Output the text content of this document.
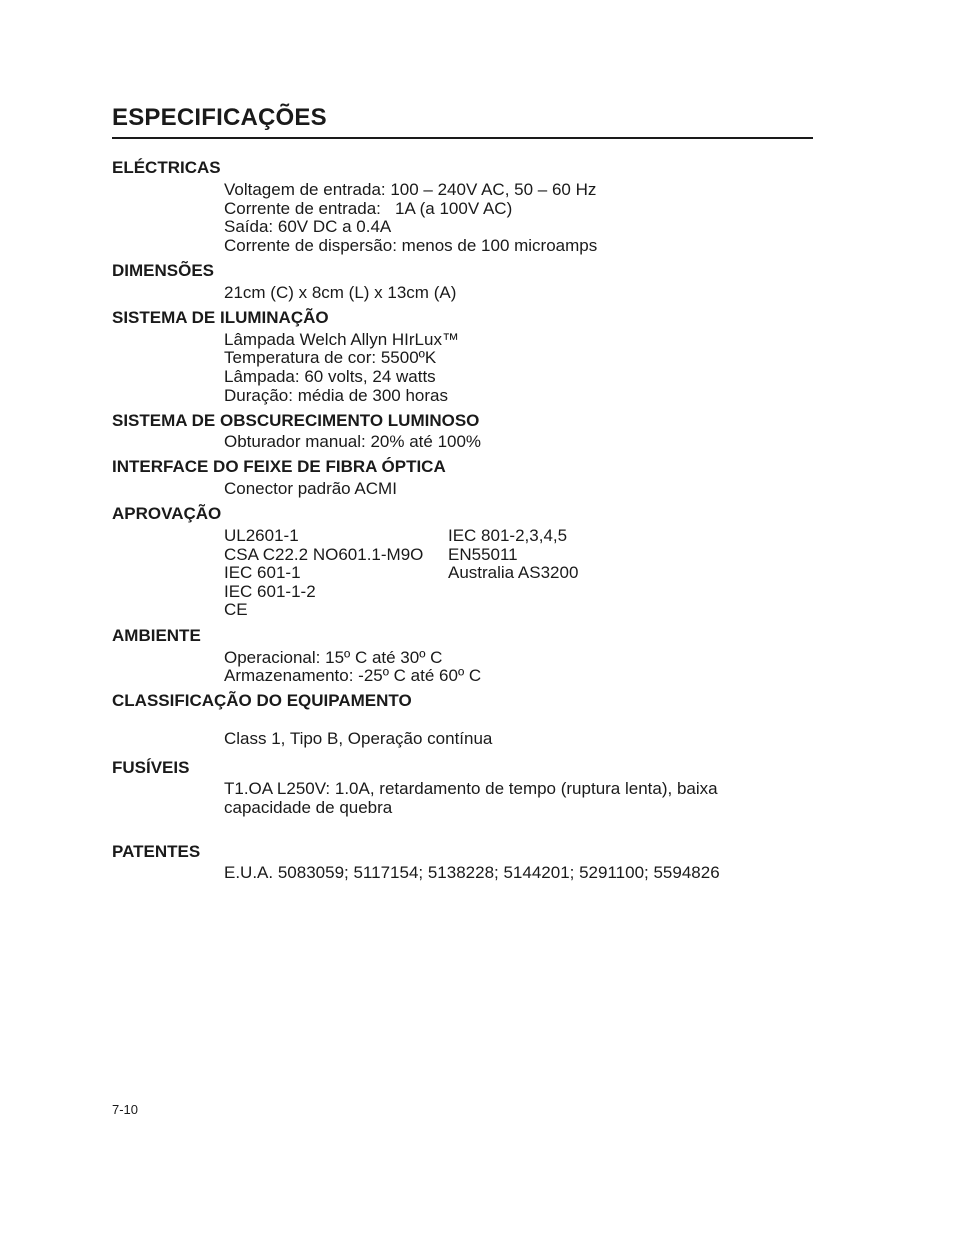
ESPECIFICAÇÕES
ELÉCTRICAS
Voltagem de entrada: 100 – 240V AC, 50 – 60 Hz
Corrente de entrada:   1A (a 100V AC)
Saída: 60V DC a 0.4A
Corrente de dispersão: menos de 100 microamps
DIMENSÕES
21cm (C) x 8cm (L) x 13cm (A)
SISTEMA DE ILUMINAÇÃO
Lâmpada Welch Allyn HIrLux™
Temperatura de cor: 5500ºK
Lâmpada: 60 volts, 24 watts
Duração: média de 300 horas
SISTEMA DE OBSCURECIMENTO LUMINOSO
Obturador manual: 20% até 100%
INTERFACE DO FEIXE DE FIBRA ÓPTICA
Conector padrão ACMI
APROVAÇÃO
UL2601-1
CSA C22.2 NO601.1-M9O
IEC 601-1
IEC 601-1-2
CE
IEC 801-2,3,4,5
EN55011
Australia AS3200
AMBIENTE
Operacional: 15º C até 30º C
Armazenamento: -25º C até 60º C
CLASSIFICAÇÃO DO EQUIPAMENTO
Class 1, Tipo B, Operação contínua
FUSÍVEIS
T1.OA L250V: 1.0A, retardamento de tempo (ruptura lenta), baixa
capacidade de quebra
PATENTES
E.U.A. 5083059; 5117154; 5138228; 5144201; 5291100; 5594826
7-10
